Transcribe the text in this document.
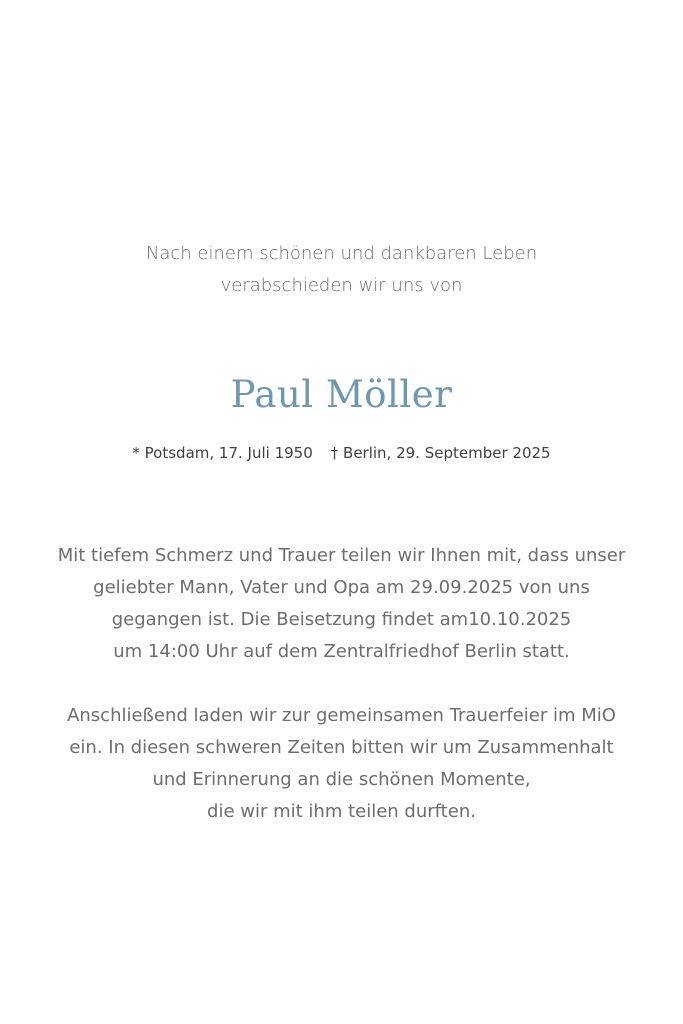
Nach einem schönen und dankbaren Leben
verabschieden wir uns von
Paul Möller
* Potsdam, 17. Juli 1950 † Berlin, 29. September 2025
Mit tiefem Schmerz und Trauer teilen wir Ihnen mit, dass unser
geliebter Mann, Vater und Opa am 29.09.2025 von uns
gegangen ist. Die Beisetzung findet am10.10.2025
um 14:00 Uhr auf dem Zentralfriedhof Berlin statt.
Anschließend laden wir zur gemeinsamen Trauerfeier im MiO
ein. In diesen schweren Zeiten bitten wir um Zusammenhalt
und Erinnerung an die schönen Momente,
die wir mit ihm teilen durften.
